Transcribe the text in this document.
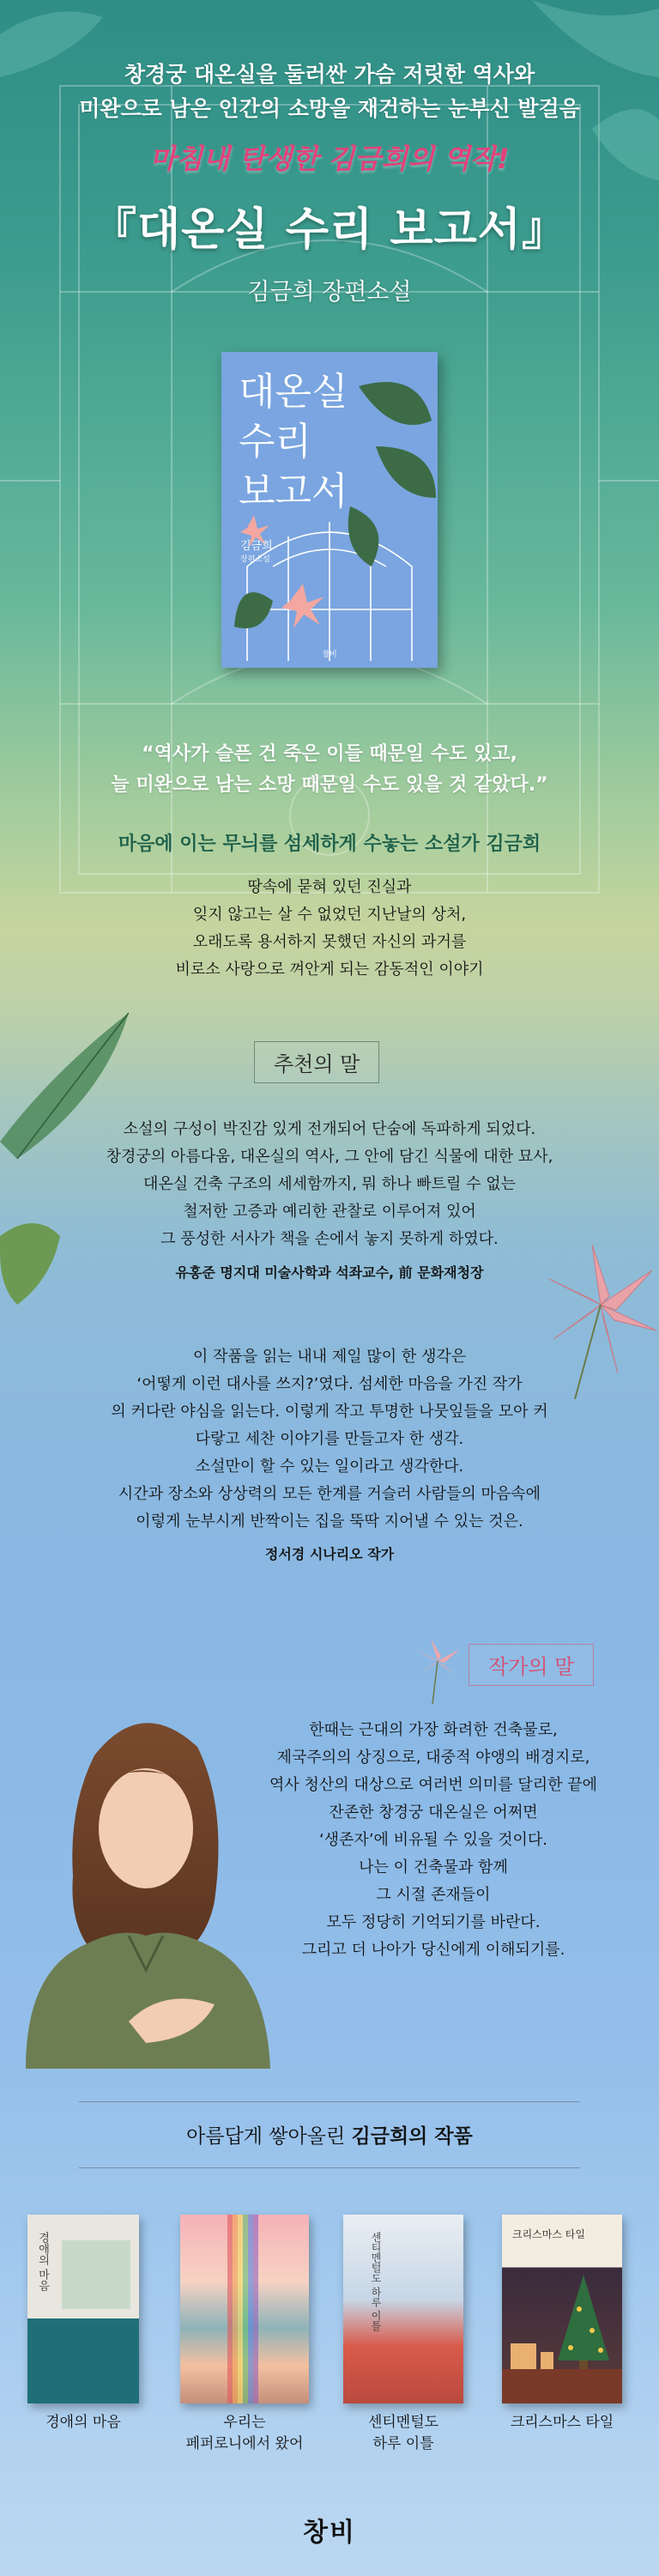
창경궁 대온실을 둘러싼 가슴 저릿한 역사와
미완으로 남은 인간의 소망을 재건하는 눈부신 발걸음
마침내 탄생한 김금희의 역작!
『대온실 수리 보고서』
김금희 장편소설
대온실
수리
보고서
김금희
장편소설
창비
“역사가 슬픈 건 죽은 이들 때문일 수도 있고,
늘 미완으로 남는 소망 때문일 수도 있을 것 같았다.”
마음에 이는 무늬를 섬세하게 수놓는 소설가 김금희
땅속에 묻혀 있던 진실과
잊지 않고는 살 수 없었던 지난날의 상처,
오래도록 용서하지 못했던 자신의 과거를
비로소 사랑으로 껴안게 되는 감동적인 이야기
추천의 말
소설의 구성이 박진감 있게 전개되어 단숨에 독파하게 되었다.
창경궁의 아름다움, 대온실의 역사, 그 안에 담긴 식물에 대한 묘사,
대온실 건축 구조의 세세함까지, 뭐 하나 빠트릴 수 없는
철저한 고증과 예리한 관찰로 이루어져 있어
그 풍성한 서사가 책을 손에서 놓지 못하게 하였다.
유홍준 명지대 미술사학과 석좌교수, 前 문화재청장
이 작품을 읽는 내내 제일 많이 한 생각은
‘어떻게 이런 대사를 쓰지?’였다. 섬세한 마음을 가진 작가
의 커다란 야심을 읽는다. 이렇게 작고 투명한 나뭇잎들을 모아 커
다랗고 세찬 이야기를 만들고자 한 생각.
소설만이 할 수 있는 일이라고 생각한다.
시간과 장소와 상상력의 모든 한계를 거슬러 사람들의 마음속에
이렇게 눈부시게 반짝이는 집을 뚝딱 지어낼 수 있는 것은.
정서경 시나리오 작가
작가의 말
한때는 근대의 가장 화려한 건축물로,
제국주의의 상징으로, 대중적 야앵의 배경지로,
역사 청산의 대상으로 여러번 의미를 달리한 끝에
잔존한 창경궁 대온실은 어쩌면
‘생존자’에 비유될 수 있을 것이다.
나는 이 건축물과 함께
그 시절 존재들이
모두 정당히 기억되기를 바란다.
그리고 더 나아가 당신에게 이해되기를.
아름답게 쌓아올린 김금희의 작품
경애의 마음
경애의 마음	우리는
페퍼로니에서 왔어
센티멘털도 하루 이틀
센티멘털도
하루 이틀
크리스마스 타일
크리스마스 타일
창비
